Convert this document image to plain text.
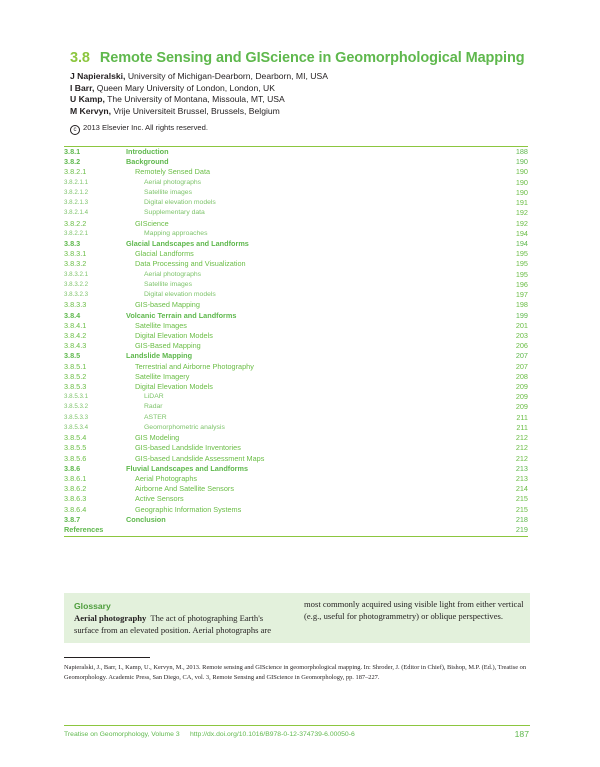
3.8 Remote Sensing and GIScience in Geomorphological Mapping
J Napieralski, University of Michigan-Dearborn, Dearborn, MI, USA
I Barr, Queen Mary University of London, London, UK
U Kamp, The University of Montana, Missoula, MT, USA
M Kervyn, Vrije Universiteit Brussel, Brussels, Belgium
c 2013 Elsevier Inc. All rights reserved.
3.8.1	Introduction	188
3.8.2	Background	190
3.8.2.1	Remotely Sensed Data	190
3.8.2.1.1	Aerial photographs	190
3.8.2.1.2	Satellite images	190
3.8.2.1.3	Digital elevation models	191
3.8.2.1.4	Supplementary data	192
3.8.2.2	GIScience	192
3.8.2.2.1	Mapping approaches	194
3.8.3	Glacial Landscapes and Landforms	194
3.8.3.1	Glacial Landforms	195
3.8.3.2	Data Processing and Visualization	195
3.8.3.2.1	Aerial photographs	195
3.8.3.2.2	Satellite images	196
3.8.3.2.3	Digital elevation models	197
3.8.3.3	GIS-based Mapping	198
3.8.4	Volcanic Terrain and Landforms	199
3.8.4.1	Satellite Images	201
3.8.4.2	Digital Elevation Models	203
3.8.4.3	GIS-Based Mapping	206
3.8.5	Landslide Mapping	207
3.8.5.1	Terrestrial and Airborne Photography	207
3.8.5.2	Satellite Imagery	208
3.8.5.3	Digital Elevation Models	209
3.8.5.3.1	LiDAR	209
3.8.5.3.2	Radar	209
3.8.5.3.3	ASTER	211
3.8.5.3.4	Geomorphometric analysis	211
3.8.5.4	GIS Modeling	212
3.8.5.5	GIS-based Landslide Inventories	212
3.8.5.6	GIS-based Landslide Assessment Maps	212
3.8.6	Fluvial Landscapes and Landforms	213
3.8.6.1	Aerial Photographs	213
3.8.6.2	Airborne And Satellite Sensors	214
3.8.6.3	Active Sensors	215
3.8.6.4	Geographic Information Systems	215
3.8.7	Conclusion	218
References	219
Glossary
Aerial photography The act of photographing Earth's surface from an elevated position. Aerial photographs are
most commonly acquired using visible light from either vertical (e.g., useful for photogrammetry) or oblique perspectives.
Napieralski, J., Barr, I., Kamp, U., Kervyn, M., 2013. Remote sensing and GIScience in geomorphological mapping. In: Shroder, J. (Editor in Chief), Bishop, M.P. (Ed.), Treatise on Geomorphology. Academic Press, San Diego, CA, vol. 3, Remote Sensing and GIScience in Geomorphology, pp. 187–227.
Treatise on Geomorphology, Volume 3 http://dx.doi.org/10.1016/B978-0-12-374739-6.00050-6	187
